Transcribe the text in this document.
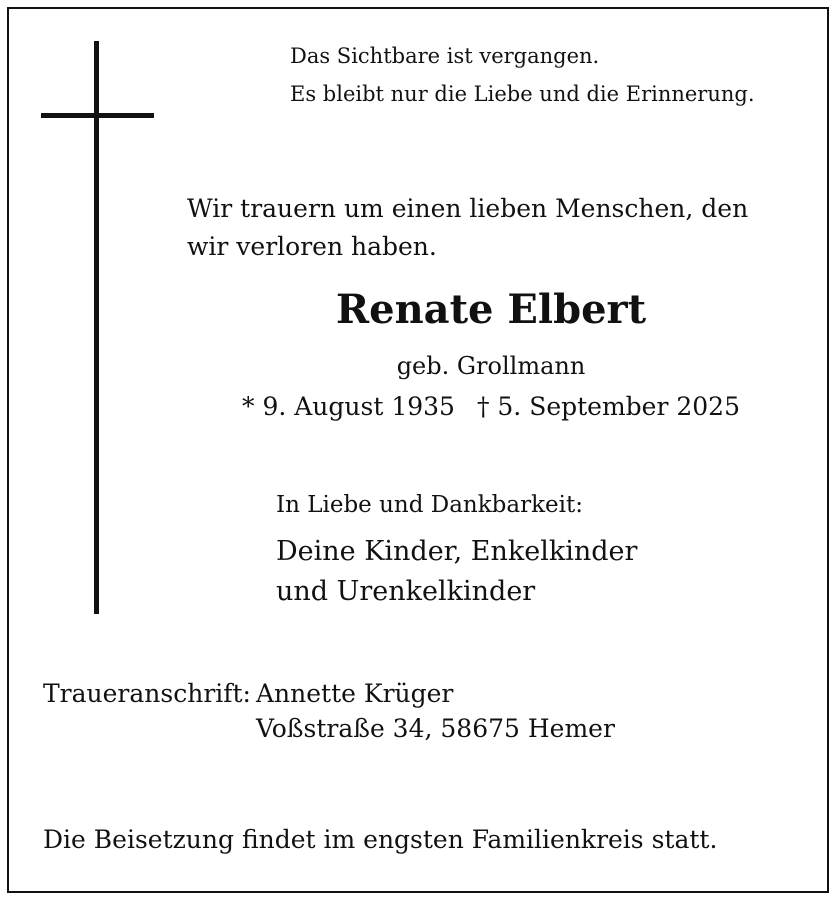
Das Sichtbare ist vergangen.

Es bleibt nur die Liebe und die Erinnerung.

Wir trauern um einen lieben Menschen, den

wir verloren haben.

Renate Elbert

geb. Grollmann

* 9. August 1935 † 5. September 2025

In Liebe und Dankbarkeit:

Deine Kinder, Enkelkinder

und Urenkelkinder

Traueranschrift: Annette Krüger

Voßstraße 34, 58675 Hemer

Die Beisetzung findet im engsten Familienkreis statt.
